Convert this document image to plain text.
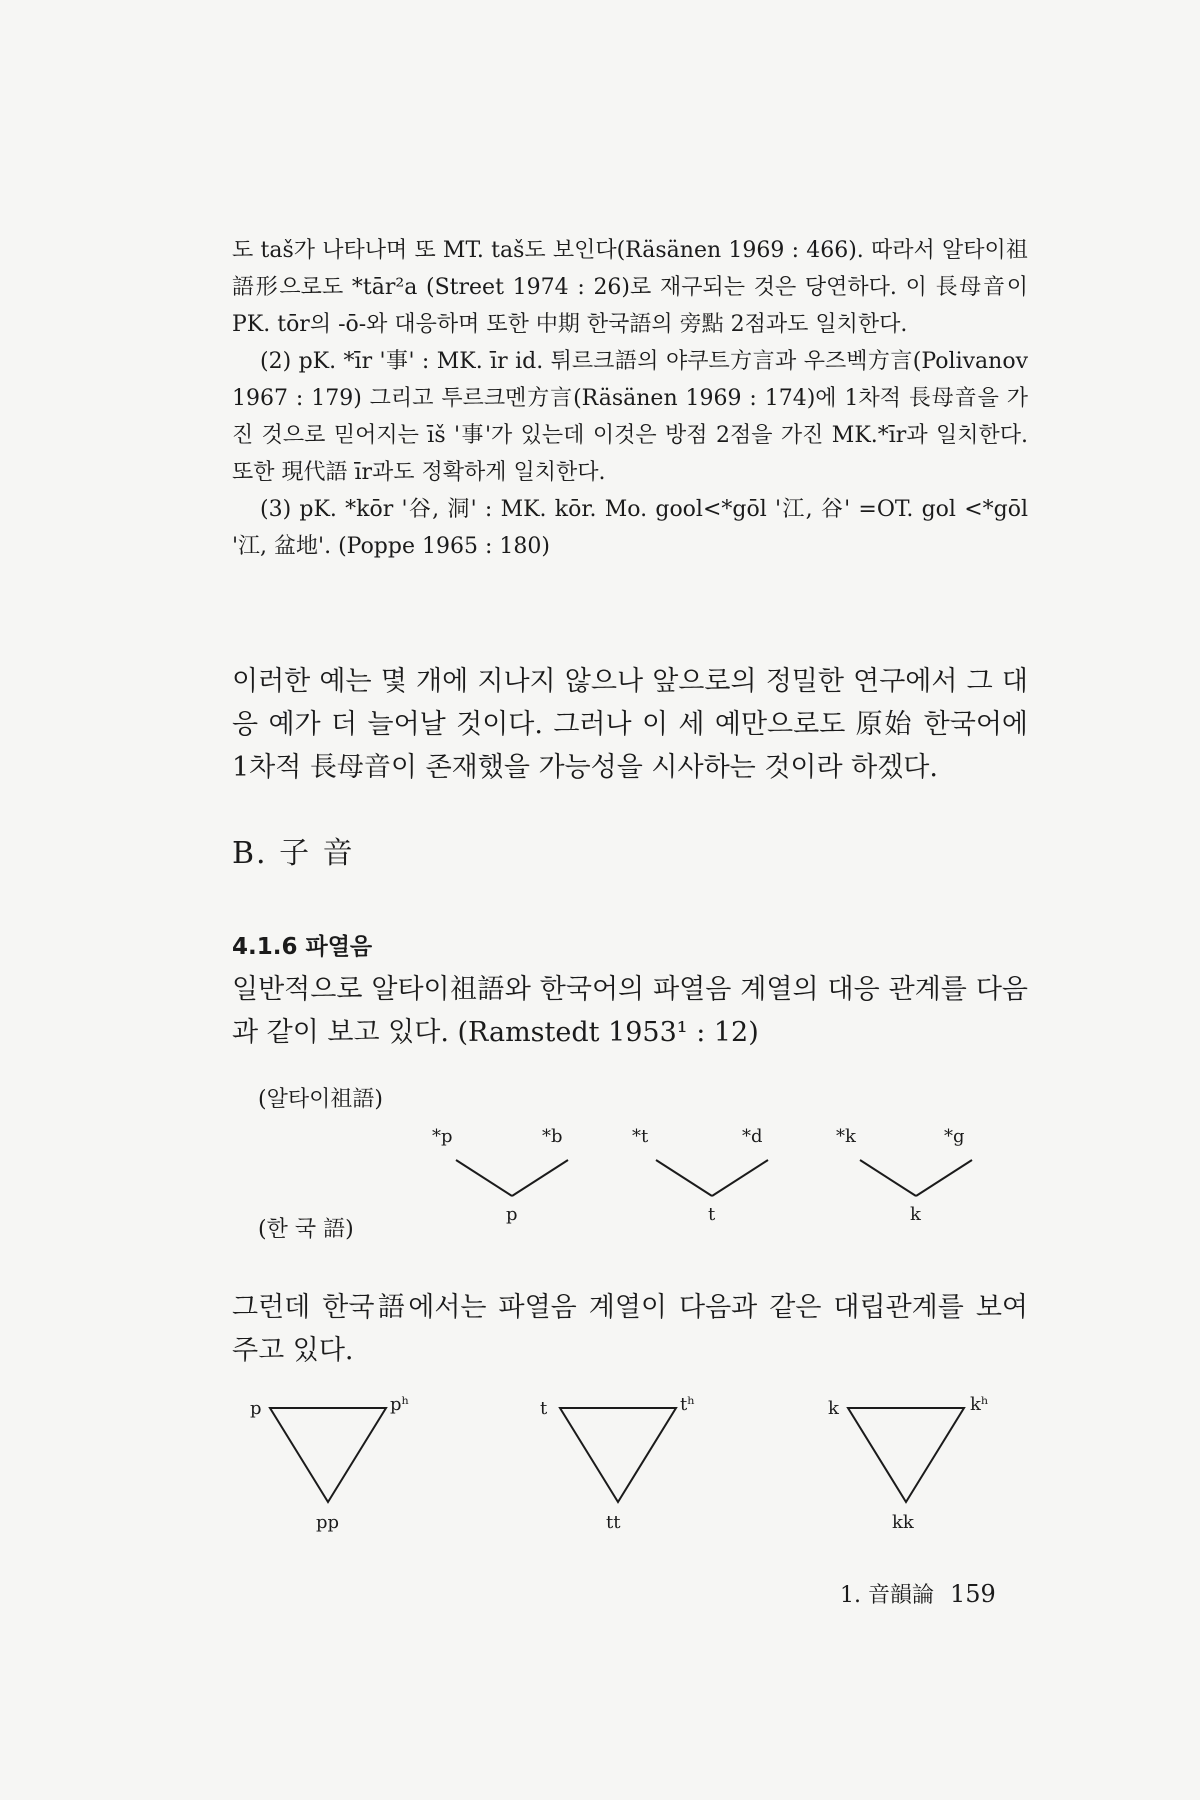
도 taš가 나타나며 또 MT. taš도 보인다(Räsänen 1969 : 466). 따라서 알타이祖語形으로도 *tār²a (Street 1974 : 26)로 재구되는 것은 당연하다. 이 長母音이 PK. tōr의 -ō-와 대응하며 또한 中期 한국語의 旁點 2점과도 일치한다.

(2) pK. *īr '事' : MK. īr id. 튀르크語의 야쿠트方言과 우즈벡方言(Polivanov 1967 : 179) 그리고 투르크멘方言(Räsänen 1969 : 174)에 1차적 長母音을 가진 것으로 믿어지는 īš '事'가 있는데 이것은 방점 2점을 가진 MK.*īr과 일치한다. 또한 現代語 īr과도 정확하게 일치한다.

(3) pK. *kōr '谷, 洞' : MK. kōr. Mo. gool<*gōl '江, 谷' =OT. gol <*gōl '江, 盆地'. (Poppe 1965 : 180)

이러한 예는 몇 개에 지나지 않으나 앞으로의 정밀한 연구에서 그 대응 예가 더 늘어날 것이다. 그러나 이 세 예만으로도 原始 한국어에 1차적 長母音이 존재했을 가능성을 시사하는 것이라 하겠다.

B. 子 音
4.1.6 파열음

일반적으로 알타이祖語와 한국어의 파열음 계열의 대응 관계를 다음과 같이 보고 있다. (Ramstedt 1953¹ : 12)

(알타이祖語)
(한 국 語)
*p	*b
p
*t	*d
t
*k	*g
k

그런데 한국語에서는 파열음 계열이 다음과 같은 대립관계를 보여 주고 있다.

p	pʰ
pp
t	tʰ
tt
k	kʰ
kk
1. 音韻論 159
